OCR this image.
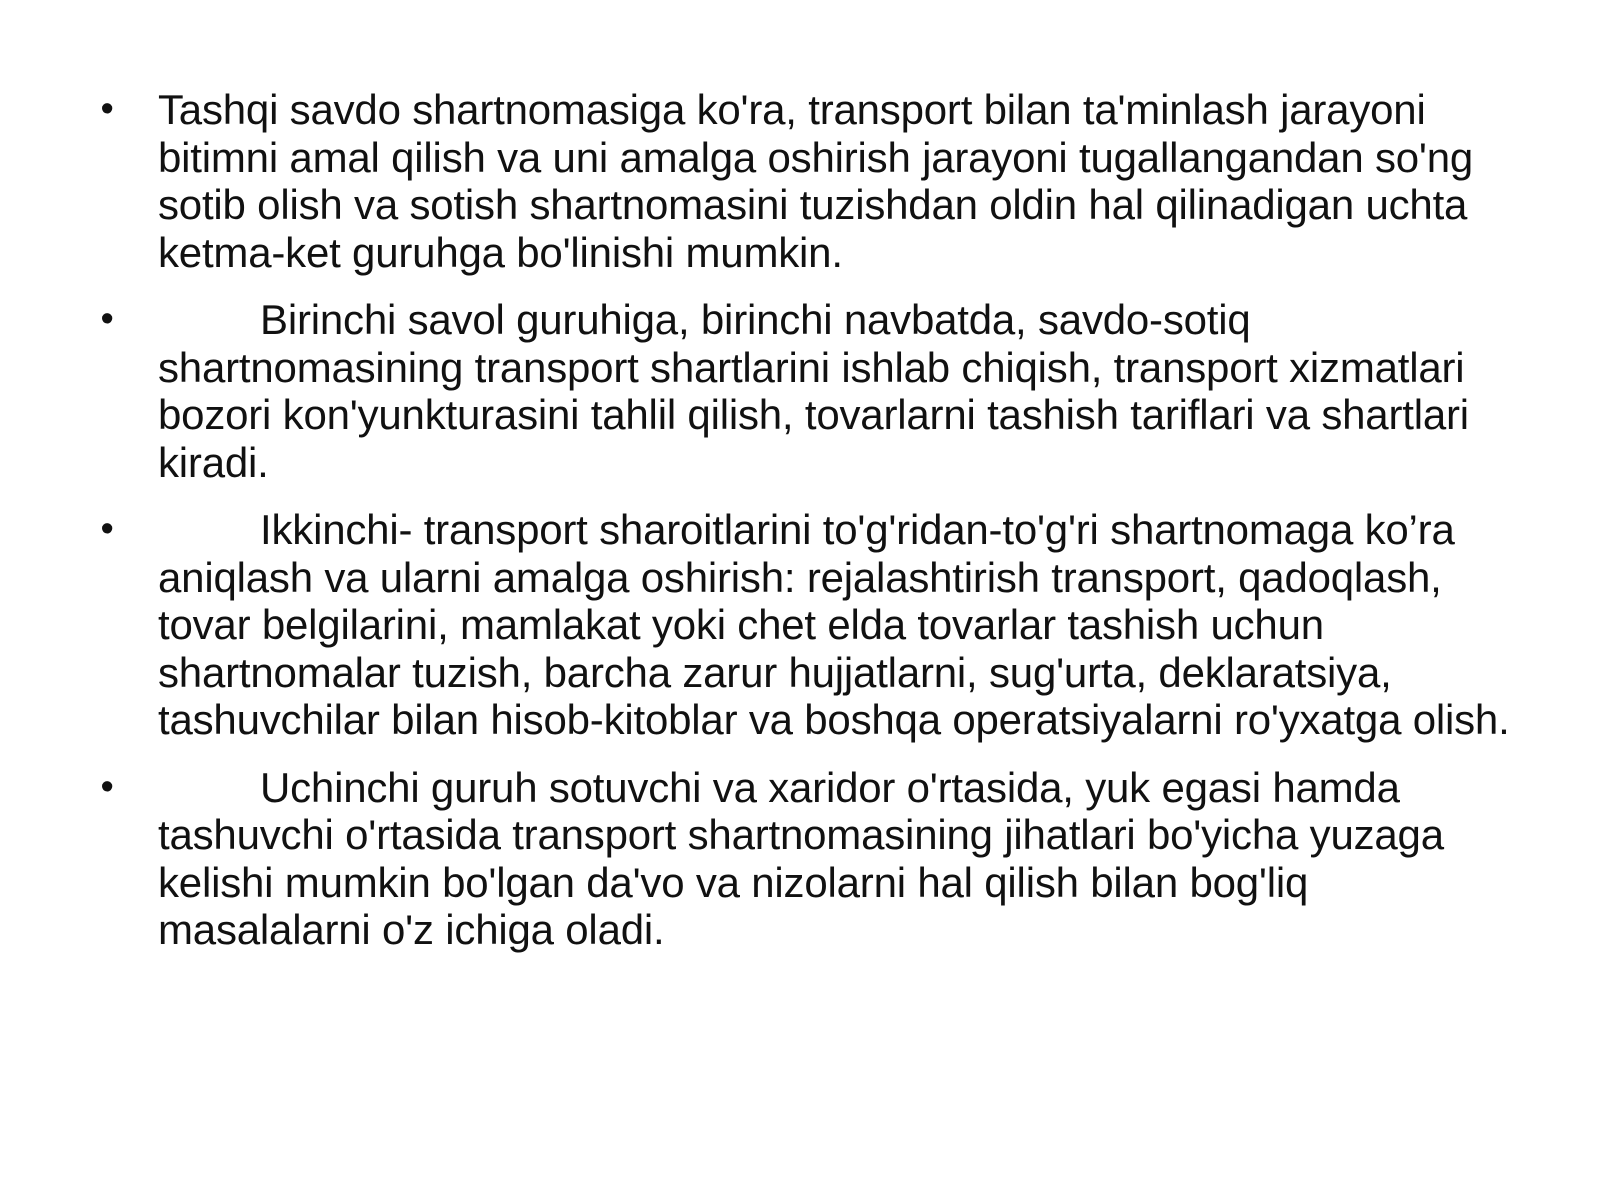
• Tashqi savdo shartnomasiga ko'ra, transport bilan ta'minlash jarayoni bitimni amal qilish va uni amalga oshirish jarayoni tugallangandan so'ng sotib olish va sotish shartnomasini tuzishdan oldin hal qilinadigan uchta ketma-ket guruhga bo'linishi mumkin.
•	Birinchi savol guruhiga, birinchi navbatda, savdo-sotiq shartnomasining transport shartlarini ishlab chiqish, transport xizmatlari bozori kon'yunkturasini tahlil qilish, tovarlarni tashish tariflari va shartlari kiradi.
•	Ikkinchi- transport sharoitlarini to'g'ridan-to'g'ri shartnomaga ko’ra aniqlash va ularni amalga oshirish: rejalashtirish transport, qadoqlash, tovar belgilarini, mamlakat yoki chet elda tovarlar tashish uchun shartnomalar tuzish, barcha zarur hujjatlarni, sug'urta, deklaratsiya, tashuvchilar bilan hisob-kitoblar va boshqa operatsiyalarni ro'yxatga olish.
•	Uchinchi guruh sotuvchi va xaridor o'rtasida, yuk egasi hamda tashuvchi o'rtasida transport shartnomasining jihatlari bo'yicha yuzaga kelishi mumkin bo'lgan da'vo va nizolarni hal qilish bilan bog'liq masalalarni o'z ichiga oladi.
